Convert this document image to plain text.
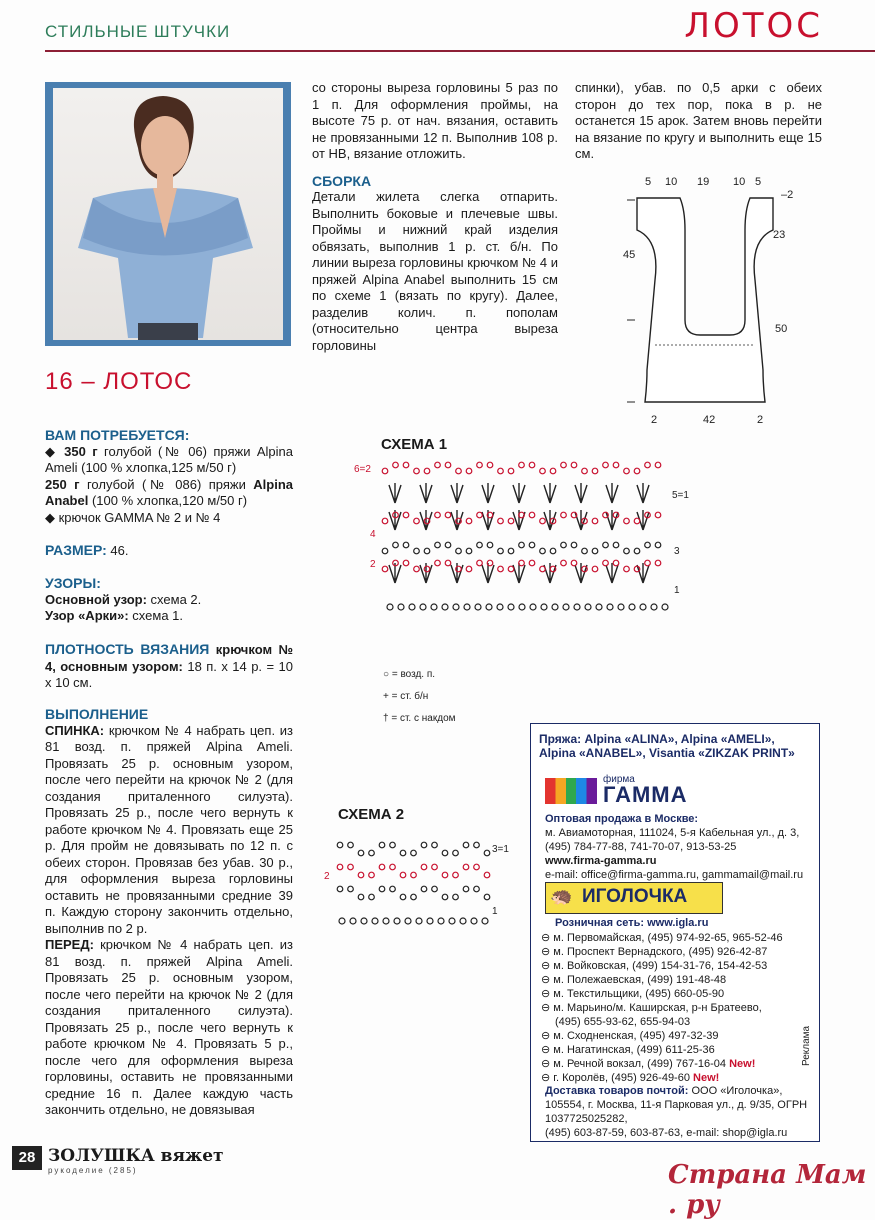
СТИЛЬНЫЕ ШТУЧКИ	ЛОТОС
16 – ЛОТОС

ВАМ ПОТРЕБУЕТСЯ:

◆ 350 г голубой (№ 06) пряжи Alpina Ameli (100 % хлопка,125 м/50 г)

250 г голубой (№ 086) пряжи Alpina Anabel (100 % хлопка,120 м/50 г)

◆ крючок GAMMA № 2 и № 4

РАЗМЕР: 46.

УЗОРЫ:

Основной узор: схема 2.

Узор «Арки»: схема 1.

ПЛОТНОСТЬ ВЯЗАНИЯ крючком № 4, основным узором: 18 п. х 14 р. = 10 х 10 см.

ВЫПОЛНЕНИЕ

СПИНКА: крючком № 4 набрать цеп. из 81 возд. п. пряжей Alpina Ameli. Провязать 25 р. основным узором, после чего перейти на крючок № 2 (для создания приталенного силуэта). Провязать 25 р., после чего вернуть к работе крючком № 4. Провязать еще 25 р. Для пройм не довязывать по 12 п. с обеих сторон. Провязав без убав. 30 р., для оформления выреза горловины оставить не провязанными средние 39 п. Каждую сторону закончить отдельно, выполнив по 2 р.

ПЕРЕД: крючком № 4 набрать цеп. из 81 возд. п. пряжей Alpina Ameli. Провязать 25 р. основным узором, после чего перейти на крючок № 2 (для создания приталенного силуэта). Провязать 25 р., после чего вернуть к работе крючком № 4. Провязать 5 р., после чего для оформления выреза горловины, оставить не провязанными средние 16 п. Далее каждую часть закончить отдельно, не довязывая

со стороны выреза горловины 5 раз по 1 п. Для оформления проймы, на высоте 75 р. от нач. вязания, оставить не провязанными 12 п. Выполнив 108 р. от НВ, вязание отложить.

СБОРКА

Детали жилета слегка отпарить. Выполнить боковые и плечевые швы. Проймы и нижний край изделия обвязать, выполнив 1 р. ст. б/н. По линии выреза горловины крючком № 4 и пряжей Alpina Anabel выполнить 15 см по схеме 1 (вязать по кругу). Далее, разделив колич. п. пополам (относительно центра выреза горловины

спинки), убав. по 0,5 арки с обеих сторон до тех пор, пока в р. не останется 15 арок. Затем вновь перейти на вязание по кругу и выполнить еще 15 см.

5 10 19 10 5
–2
45
23
50
2	42	2
СХЕМА 1
6=2
5=1
4
3
2
1
○ = возд. п.
+ = ст. б/н
† = ст. с накдом
СХЕМА 2
3=1
2
1
Пряжа: Alpina «ALINA», Alpina «AMELI», Alpina «ANABEL», Visantia «ZIKZAK PRINT»
фирма
ГАММА
Оптовая продажа в Москве:
м. Авиамоторная, 111024, 5-я Кабельная ул., д. 3,
(495) 784-77-88, 741-70-07, 913-53-25
www.firma-gamma.ru
e-mail: office@firma-gamma.ru, gammamail@mail.ru
🦔 ИГОЛОЧКА
Розничная сеть: www.igla.ru
⊖ м. Первомайская, (495) 974-92-65, 965-52-46
⊖ м. Проспект Вернадского, (495) 926-42-87
⊖ м. Войковская, (499) 154-31-76, 154-42-53
⊖ м. Полежаевская, (499) 191-48-48
⊖ м. Текстильщики, (495) 660-05-90
⊖ м. Марьино/м. Каширская, р-н Братеево,
(495) 655-93-62, 655-94-03
⊖ м. Сходненская, (495) 497-32-39
⊖ м. Нагатинская, (499) 611-25-36
⊖ м. Речной вокзал, (499) 767-16-04 New!
⊖ г. Королёв, (495) 926-49-60 New!
Реклама
Доставка товаров почтой: ООО «Иголочка», 105554, г. Москва, 11-я Парковая ул., д. 9/35, ОГРН 1037725025282,
(495) 603-87-59, 603-87-63, e-mail: shop@igla.ru
28 ЗОЛУШКА вяжет
рукоделие (285)	Страна Мам . ру
